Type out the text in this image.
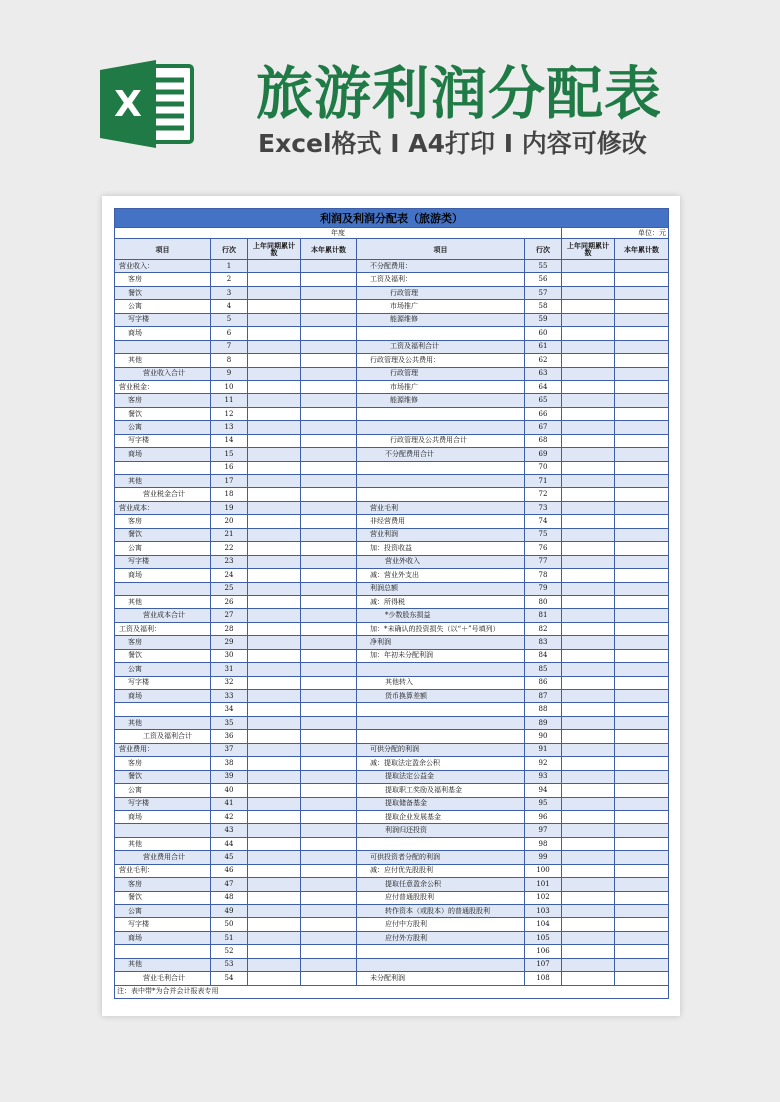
X 旅游利润分配表
Excel格式 I A4打印 I 内容可修改
利润及利润分配表（旅游类）							
年度						单位：元	
项目	行次	上年同期累计数	本年累计数	项目	行次	上年同期累计数	本年累计数
营业收入：	1			不分配费用：	55		
客房	2			工资及福利：	56		
餐饮	3			行政管理	57		
公寓	4			市场推广	58		
写字楼	5			能源维修	59		
商场	6				60		
	7			工资及福利合计	61		
其他	8			行政管理及公共费用：	62		
营业收入合计	9			行政管理	63		
营业税金：	10			市场推广	64		
客房	11			能源维修	65		
餐饮	12				66		
公寓	13				67		
写字楼	14			行政管理及公共费用合计	68		
商场	15			不分配费用合计	69		
	16				70		
其他	17				71		
营业税金合计	18				72		
营业成本：	19			营业毛利	73		
客房	20			非经营费用	74		
餐饮	21			营业利润	75		
公寓	22			加：投资收益	76		
写字楼	23			营业外收入	77		
商场	24			减：营业外支出	78		
	25			利润总额	79		
其他	26			减：所得税	80		
营业成本合计	27			*少数股东损益	81		
工资及福利：	28			加：*未确认的投资损失（以“＋”号填列）	82		
客房	29			净利润	83		
餐饮	30			加：年初未分配利润	84		
公寓	31				85		
写字楼	32			其他转入	86		
商场	33			货币换算差额	87		
	34				88		
其他	35				89		
工资及福利合计	36				90		
营业费用：	37			可供分配的利润	91		
客房	38			减：提取法定盈余公积	92		
餐饮	39			提取法定公益金	93		
公寓	40			提取职工奖励及福利基金	94		
写字楼	41			提取储备基金	95		
商场	42			提取企业发展基金	96		
	43			利润归还投资	97		
其他	44				98		
营业费用合计	45			可供投资者分配的利润	99		
营业毛利：	46			减：应付优先股股利	100		
客房	47			提取任意盈余公积	101		
餐饮	48			应付普通股股利	102		
公寓	49			转作资本（或股本）的普通股股利	103		
写字楼	50			应付中方股利	104		
商场	51			应付外方股利	105		
	52				106		
其他	53				107		
营业毛利合计	54			未分配利润	108		
注：表中带*为合并会计报表专用							
